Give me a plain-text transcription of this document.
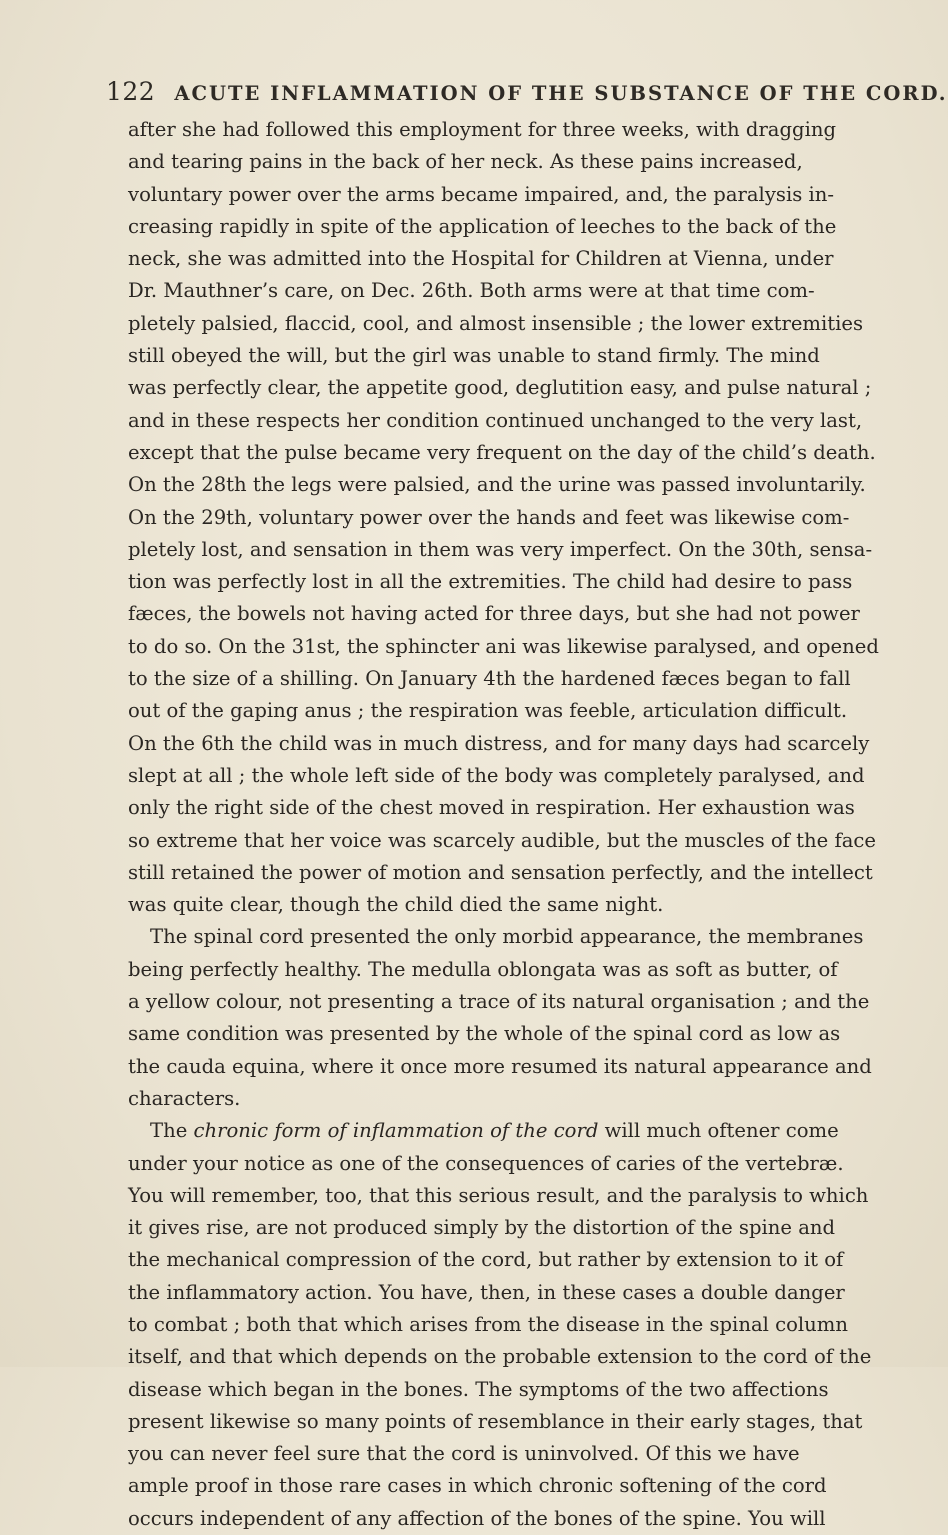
122 ACUTE INFLAMMATION OF THE SUBSTANCE OF THE CORD.
after she had followed this employment for three weeks, with dragging
and tearing pains in the back of her neck. As these pains increased,
voluntary power over the arms became impaired, and, the paralysis in-
creasing rapidly in spite of the application of leeches to the back of the
neck, she was admitted into the Hospital for Children at Vienna, under
Dr. Mauthner’s care, on Dec. 26th. Both arms were at that time com-
pletely palsied, flaccid, cool, and almost insensible ; the lower extremities
still obeyed the will, but the girl was unable to stand firmly. The mind
was perfectly clear, the appetite good, deglutition easy, and pulse natural ;
and in these respects her condition continued unchanged to the very last,
except that the pulse became very frequent on the day of the child’s death.
On the 28th the legs were palsied, and the urine was passed involuntarily.
On the 29th, voluntary power over the hands and feet was likewise com-
pletely lost, and sensation in them was very imperfect. On the 30th, sensa-
tion was perfectly lost in all the extremities. The child had desire to pass
fæces, the bowels not having acted for three days, but she had not power
to do so. On the 31st, the sphincter ani was likewise paralysed, and opened
to the size of a shilling. On January 4th the hardened fæces began to fall
out of the gaping anus ; the respiration was feeble, articulation difficult.
On the 6th the child was in much distress, and for many days had scarcely
slept at all ; the whole left side of the body was completely paralysed, and
only the right side of the chest moved in respiration. Her exhaustion was
so extreme that her voice was scarcely audible, but the muscles of the face
still retained the power of motion and sensation perfectly, and the intellect
was quite clear, though the child died the same night.
The spinal cord presented the only morbid appearance, the membranes
being perfectly healthy. The medulla oblongata was as soft as butter, of
a yellow colour, not presenting a trace of its natural organisation ; and the
same condition was presented by the whole of the spinal cord as low as
the cauda equina, where it once more resumed its natural appearance and
characters.
The chronic form of inflammation of the cord will much oftener come
under your notice as one of the consequences of caries of the vertebræ.
You will remember, too, that this serious result, and the paralysis to which
it gives rise, are not produced simply by the distortion of the spine and
the mechanical compression of the cord, but rather by extension to it of
the inflammatory action. You have, then, in these cases a double danger
to combat ; both that which arises from the disease in the spinal column
itself, and that which depends on the probable extension to the cord of the
disease which began in the bones. The symptoms of the two affections
present likewise so many points of resemblance in their early stages, that
you can never feel sure that the cord is uninvolved. Of this we have
ample proof in those rare cases in which chronic softening of the cord
occurs independent of any affection of the bones of the spine. You will
